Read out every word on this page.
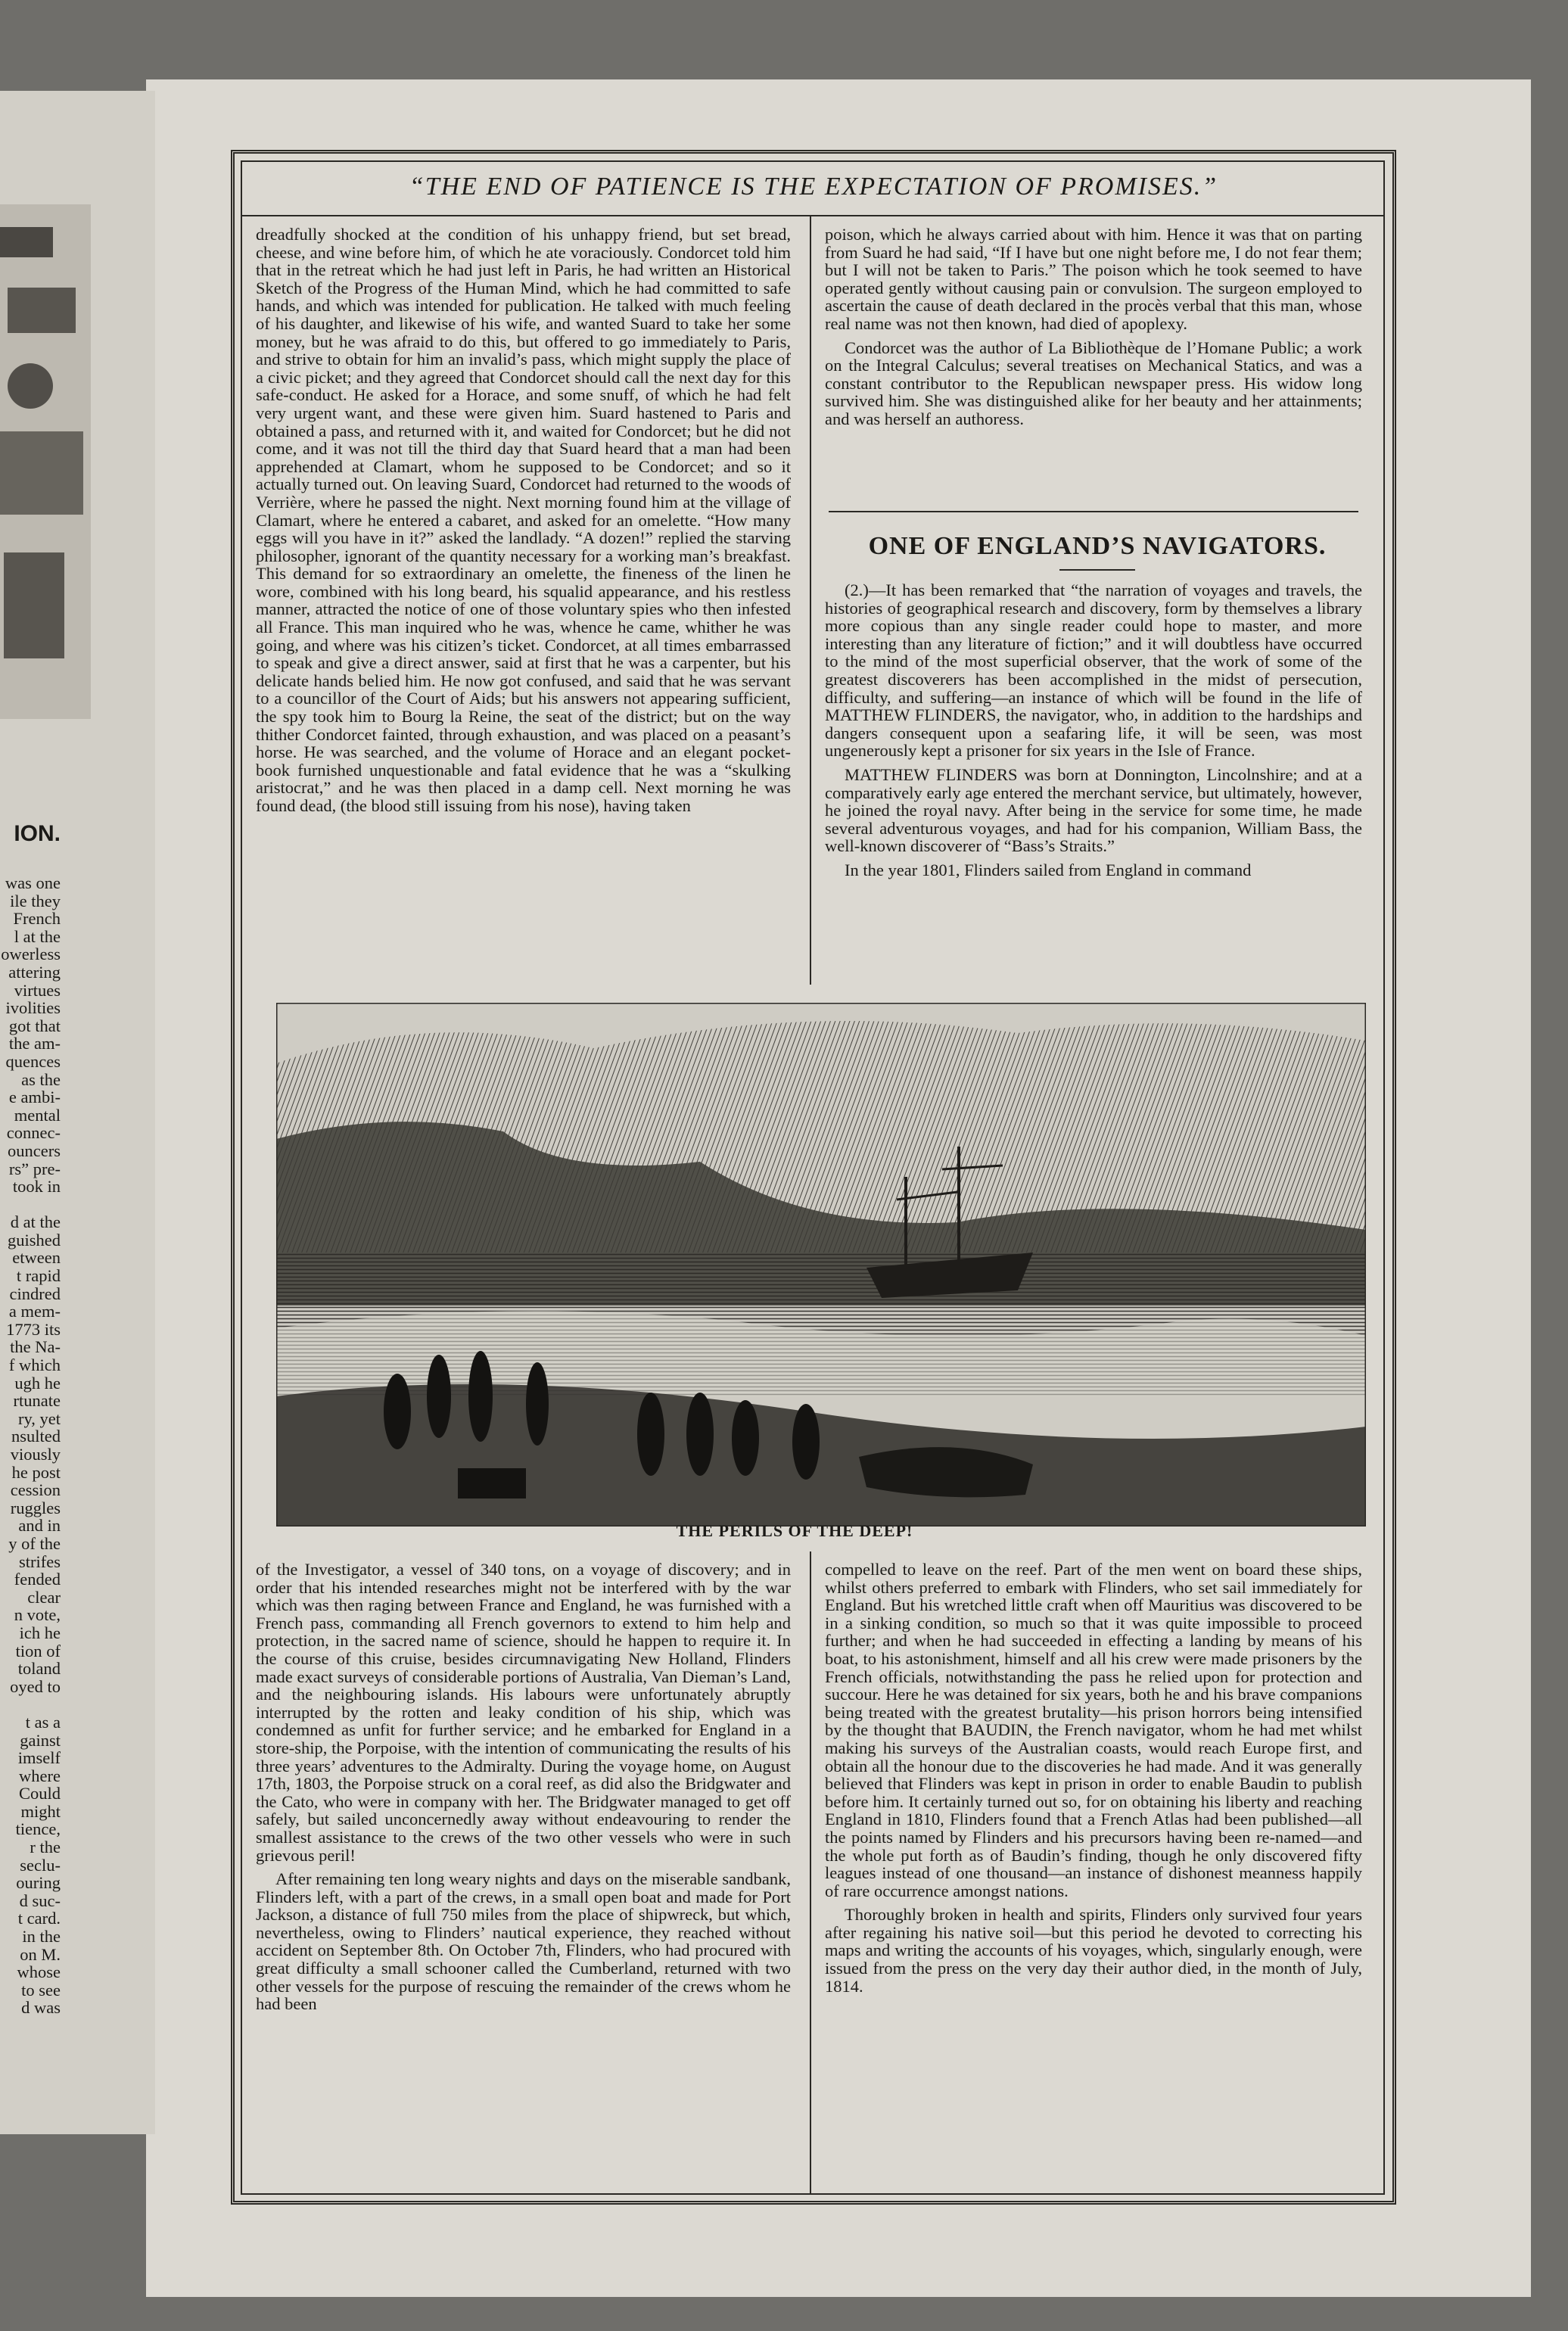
ION.
was one
ile they
French
l at the
owerless
attering
virtues
ivolities
got that
the am-
quences
as the
e ambi-
mental
connec-
ouncers
rs” pre-
took in

d at the
guished
etween
t rapid
cindred
a mem-
1773 its
the Na-
f which
ugh he
rtunate
ry, yet
nsulted
viously
he post
cession
ruggles
and in
y of the
strifes
fended
clear
n vote,
ich he
tion of
toland
oyed to

t as a
gainst
imself
where
Could
might
tience,
r the
seclu-
ouring
d suc-
t card.
in the
on M.
whose
to see
d was
“THE END OF PATIENCE IS THE EXPECTATION OF PROMISES.”

dreadfully shocked at the condition of his unhappy friend, but set bread, cheese, and wine before him, of which he ate voraciously. Condorcet told him that in the retreat which he had just left in Paris, he had written an Historical Sketch of the Progress of the Human Mind, which he had committed to safe hands, and which was intended for publication. He talked with much feeling of his daughter, and likewise of his wife, and wanted Suard to take her some money, but he was afraid to do this, but offered to go immediately to Paris, and strive to obtain for him an invalid’s pass, which might supply the place of a civic picket; and they agreed that Condorcet should call the next day for this safe-conduct. He asked for a Horace, and some snuff, of which he had felt very urgent want, and these were given him. Suard hastened to Paris and obtained a pass, and returned with it, and waited for Condorcet; but he did not come, and it was not till the third day that Suard heard that a man had been apprehended at Clamart, whom he supposed to be Condorcet; and so it actually turned out. On leaving Suard, Condorcet had returned to the woods of Verrière, where he passed the night. Next morning found him at the village of Clamart, where he entered a cabaret, and asked for an omelette. “How many eggs will you have in it?” asked the landlady. “A dozen!” replied the starving philosopher, ignorant of the quantity necessary for a working man’s breakfast. This demand for so extraordinary an omelette, the fineness of the linen he wore, combined with his long beard, his squalid appearance, and his restless manner, attracted the notice of one of those voluntary spies who then infested all France. This man inquired who he was, whence he came, whither he was going, and where was his citizen’s ticket. Condorcet, at all times embarrassed to speak and give a direct answer, said at first that he was a carpenter, but his delicate hands belied him. He now got confused, and said that he was servant to a councillor of the Court of Aids; but his answers not appearing sufficient, the spy took him to Bourg la Reine, the seat of the district; but on the way thither Condorcet fainted, through exhaustion, and was placed on a peasant’s horse. He was searched, and the volume of Horace and an elegant pocket-book furnished unquestionable and fatal evidence that he was a “skulking aristocrat,” and he was then placed in a damp cell. Next morning he was found dead, (the blood still issuing from his nose), having taken

poison, which he always carried about with him. Hence it was that on parting from Suard he had said, “If I have but one night before me, I do not fear them; but I will not be taken to Paris.” The poison which he took seemed to have operated gently without causing pain or convulsion. The surgeon employed to ascertain the cause of death declared in the procès verbal that this man, whose real name was not then known, had died of apoplexy.

Condorcet was the author of La Bibliothèque de l’Homane Public; a work on the Integral Calculus; several treatises on Mechanical Statics, and was a constant contributor to the Republican newspaper press. His widow long survived him. She was distinguished alike for her beauty and her attainments; and was herself an authoress.

ONE OF ENGLAND’S NAVIGATORS.

(2.)—It has been remarked that “the narration of voyages and travels, the histories of geographical research and discovery, form by themselves a library more copious than any single reader could hope to master, and more interesting than any literature of fiction;” and it will doubtless have occurred to the mind of the most superficial observer, that the work of some of the greatest discoverers has been accomplished in the midst of persecution, difficulty, and suffering—an instance of which will be found in the life of MATTHEW FLINDERS, the navigator, who, in addition to the hardships and dangers consequent upon a seafaring life, it will be seen, was most ungenerously kept a prisoner for six years in the Isle of France.

MATTHEW FLINDERS was born at Donnington, Lincolnshire; and at a comparatively early age entered the merchant service, but ultimately, however, he joined the royal navy. After being in the service for some time, he made several adventurous voyages, and had for his companion, William Bass, the well-known discoverer of “Bass’s Straits.”

In the year 1801, Flinders sailed from England in command

THE PERILS OF THE DEEP!

of the Investigator, a vessel of 340 tons, on a voyage of discovery; and in order that his intended researches might not be interfered with by the war which was then raging between France and England, he was furnished with a French pass, commanding all French governors to extend to him help and protection, in the sacred name of science, should he happen to require it. In the course of this cruise, besides circumnavigating New Holland, Flinders made exact surveys of considerable portions of Australia, Van Dieman’s Land, and the neighbouring islands. His labours were unfortunately abruptly interrupted by the rotten and leaky condition of his ship, which was condemned as unfit for further service; and he embarked for England in a store-ship, the Porpoise, with the intention of communicating the results of his three years’ adventures to the Admiralty. During the voyage home, on August 17th, 1803, the Porpoise struck on a coral reef, as did also the Bridgwater and the Cato, who were in company with her. The Bridgwater managed to get off safely, but sailed unconcernedly away without endeavouring to render the smallest assistance to the crews of the two other vessels who were in such grievous peril!

After remaining ten long weary nights and days on the miserable sandbank, Flinders left, with a part of the crews, in a small open boat and made for Port Jackson, a distance of full 750 miles from the place of shipwreck, but which, nevertheless, owing to Flinders’ nautical experience, they reached without accident on September 8th. On October 7th, Flinders, who had procured with great difficulty a small schooner called the Cumberland, returned with two other vessels for the purpose of rescuing the remainder of the crews whom he had been

compelled to leave on the reef. Part of the men went on board these ships, whilst others preferred to embark with Flinders, who set sail immediately for England. But his wretched little craft when off Mauritius was discovered to be in a sinking condition, so much so that it was quite impossible to proceed further; and when he had succeeded in effecting a landing by means of his boat, to his astonishment, himself and all his crew were made prisoners by the French officials, notwithstanding the pass he relied upon for protection and succour. Here he was detained for six years, both he and his brave companions being treated with the greatest brutality—his prison horrors being intensified by the thought that BAUDIN, the French navigator, whom he had met whilst making his surveys of the Australian coasts, would reach Europe first, and obtain all the honour due to the discoveries he had made. And it was generally believed that Flinders was kept in prison in order to enable Baudin to publish before him. It certainly turned out so, for on obtaining his liberty and reaching England in 1810, Flinders found that a French Atlas had been published—all the points named by Flinders and his precursors having been re-named—and the whole put forth as of Baudin’s finding, though he only discovered fifty leagues instead of one thousand—an instance of dishonest meanness happily of rare occurrence amongst nations.

Thoroughly broken in health and spirits, Flinders only survived four years after regaining his native soil—but this period he devoted to correcting his maps and writing the accounts of his voyages, which, singularly enough, were issued from the press on the very day their author died, in the month of July, 1814.
